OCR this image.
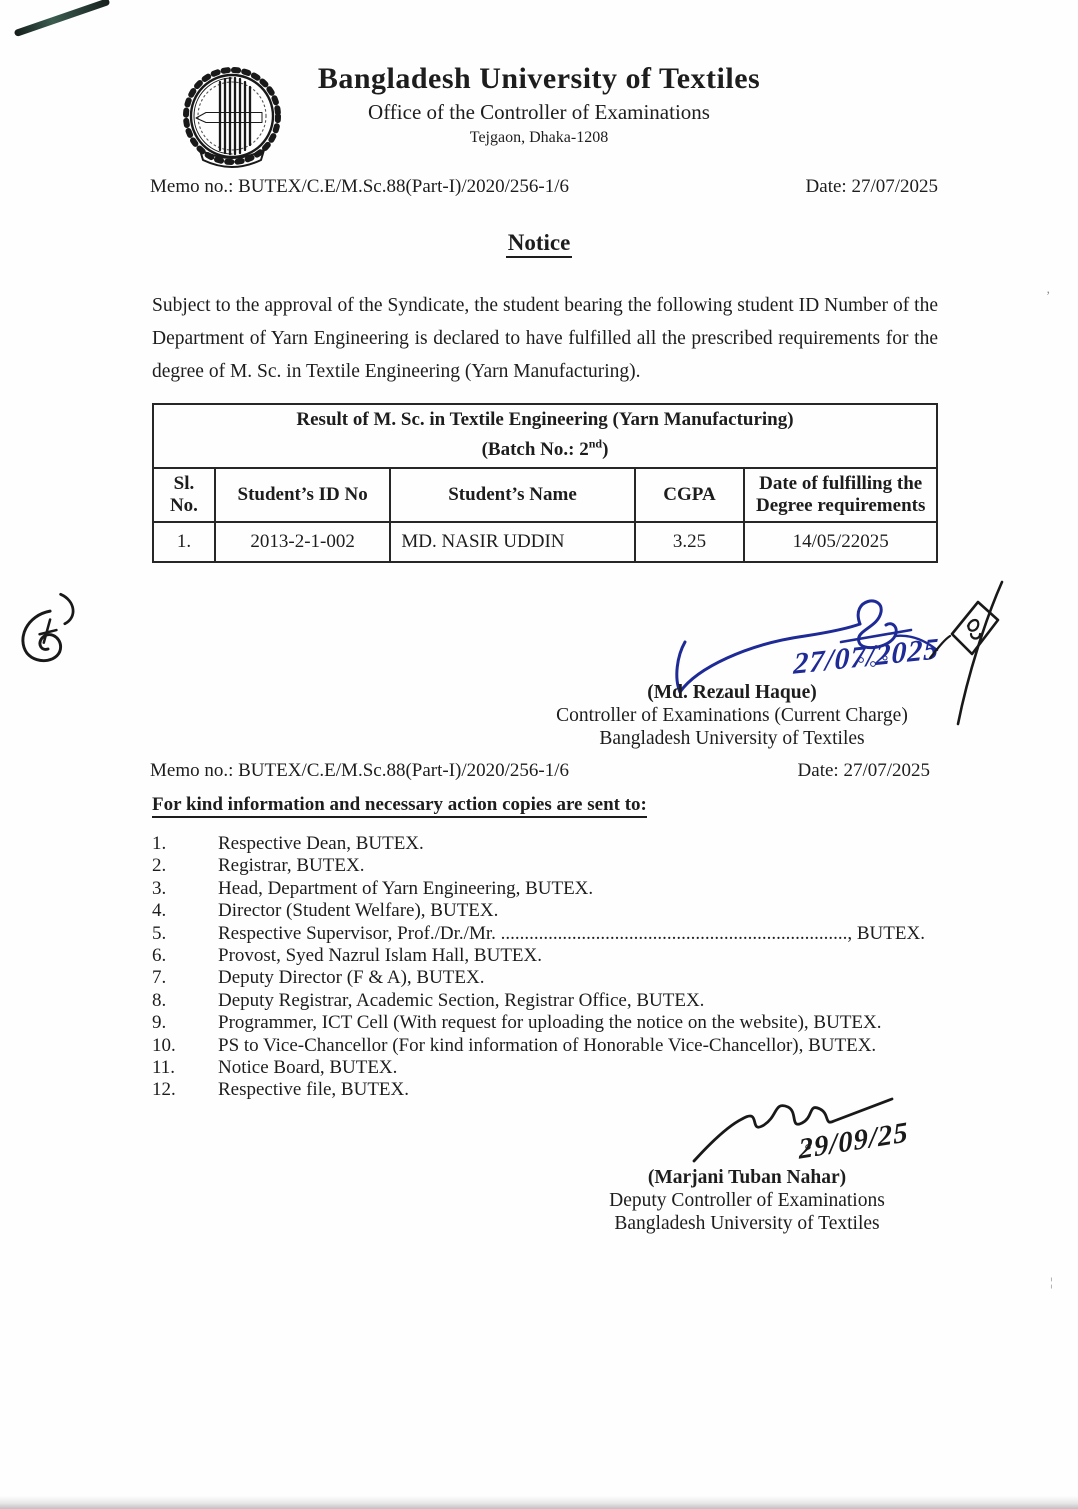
Bangladesh University of Textiles
Office of the Controller of Examinations
Tejgaon, Dhaka-1208
Memo no.: BUTEX/C.E/M.Sc.88(Part-I)/2020/256-1/6	Date: 27/07/2025
Notice
Subject to the approval of the Syndicate, the student bearing the following student ID Number of the Department of Yarn Engineering is declared to have fulfilled all the prescribed requirements for the degree of M. Sc. in Textile Engineering (Yarn Manufacturing).
Result of M. Sc. in Textile Engineering (Yarn Manufacturing)
(Batch No.: 2nd)				
Sl. No.	Student’s ID No	Student’s Name	CGPA	Date of fulfilling the Degree requirements
1.	2013-2-1-002	MD. NASIR UDDIN	3.25	14/05/22025
27/07/2025
(Md. Rezaul Haque)
Controller of Examinations (Current Charge)
Bangladesh University of Textiles
Memo no.: BUTEX/C.E/M.Sc.88(Part-I)/2020/256-1/6	Date: 27/07/2025
For kind information and necessary action copies are sent to:
1.	Respective Dean, BUTEX.
2.	Registrar, BUTEX.
3.	Head, Department of Yarn Engineering, BUTEX.
4.	Director (Student Welfare), BUTEX.
5.	Respective Supervisor, Prof./Dr./Mr. ........................................................................., BUTEX.
6.	Provost, Syed Nazrul Islam Hall, BUTEX.
7.	Deputy Director (F & A), BUTEX.
8.	Deputy Registrar, Academic Section, Registrar Office, BUTEX.
9.	Programmer, ICT Cell (With request for uploading the notice on the website), BUTEX.
10.	PS to Vice-Chancellor (For kind information of Honorable Vice-Chancellor), BUTEX.
11.	Notice Board, BUTEX.
12.	Respective file, BUTEX.
29/09/25
(Marjani Tuban Nahar)
Deputy Controller of Examinations
Bangladesh University of Textiles
’
¦
